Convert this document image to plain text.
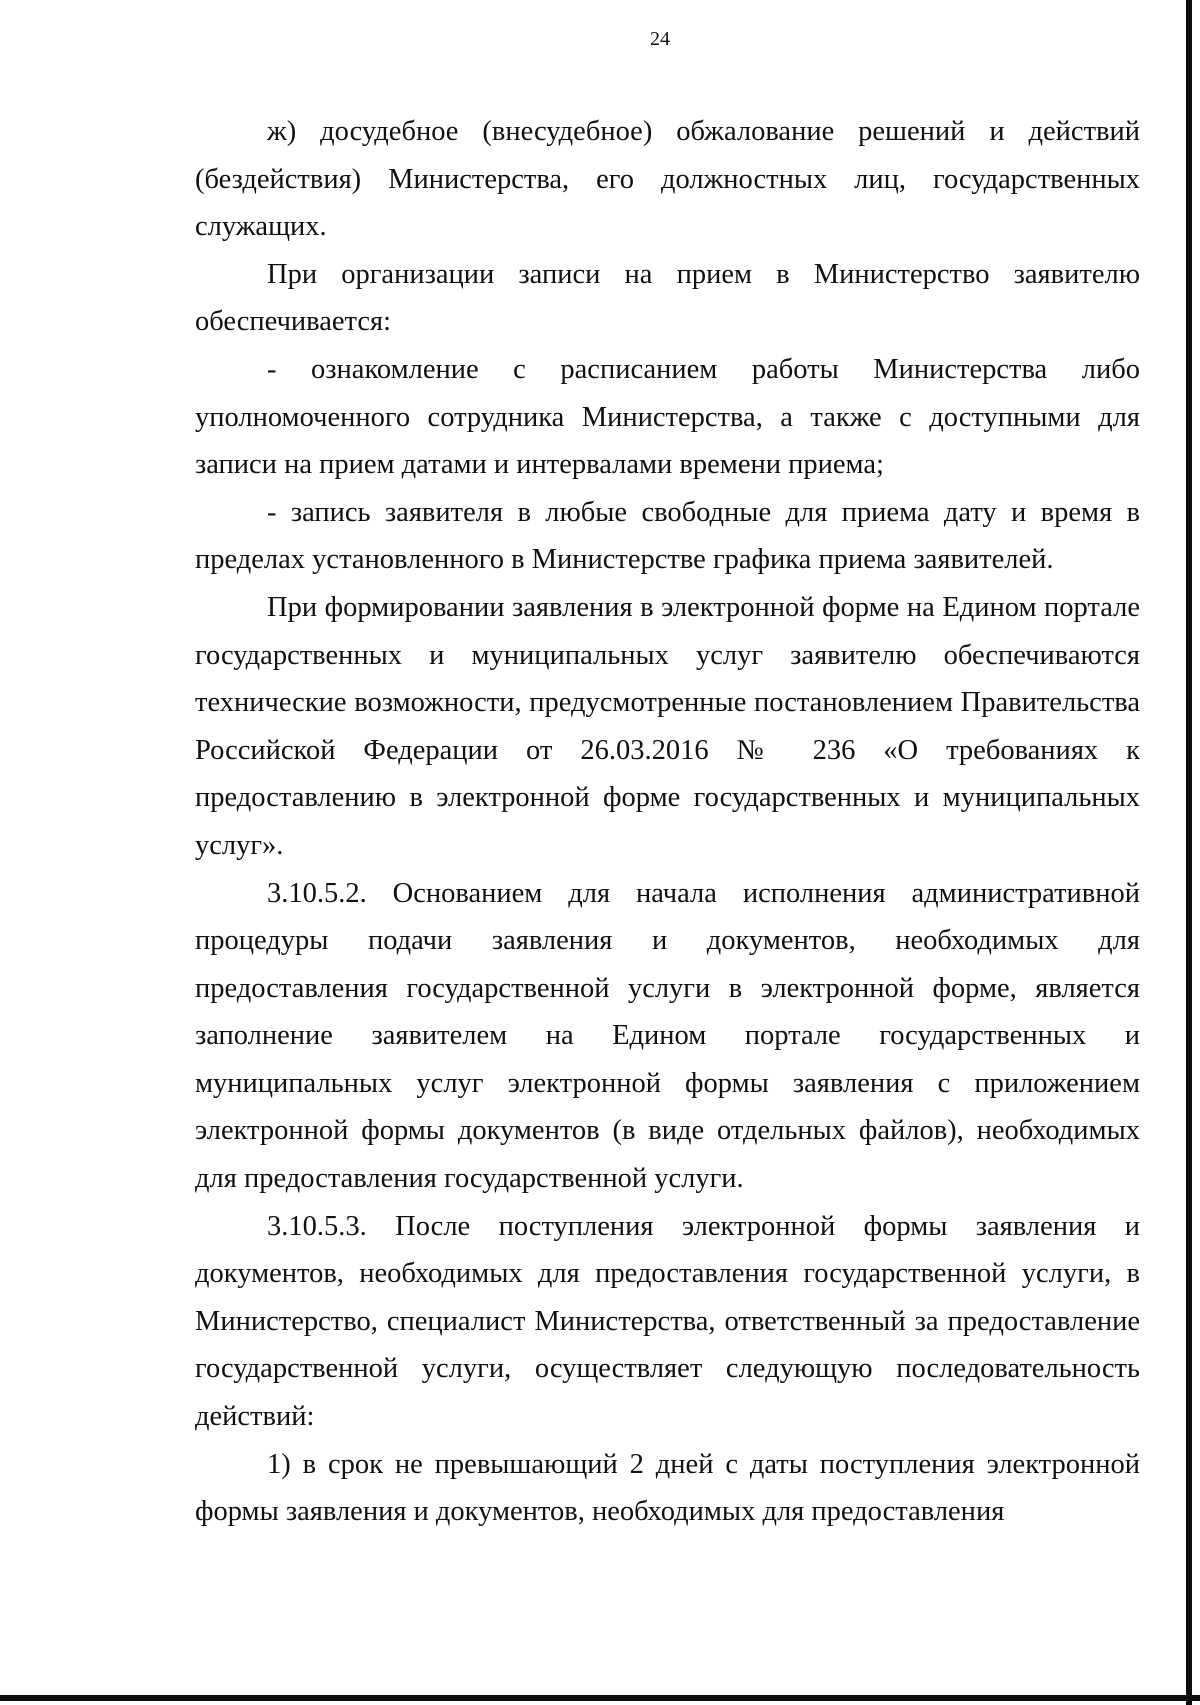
24

ж) досудебное (внесудебное) обжалование решений и действий (бездействия) Министерства, его должностных лиц, государственных служащих.

При организации записи на прием в Министерство заявителю обеспечивается:

- ознакомление с расписанием работы Министерства либо уполномоченного сотрудника Министерства, а также с доступными для записи на прием датами и интервалами времени приема;

- запись заявителя в любые свободные для приема дату и время в пределах установленного в Министерстве графика приема заявителей.

При формировании заявления в электронной форме на Едином портале государственных и муниципальных услуг заявителю обеспечиваются технические возможности, предусмотренные постановлением Правительства Российской Федерации от 26.03.2016 № 236 «О требованиях к предоставлению в электронной форме государственных и муниципальных услуг».

3.10.5.2. Основанием для начала исполнения административной процедуры подачи заявления и документов, необходимых для предоставления государственной услуги в электронной форме, является заполнение заявителем на Едином портале государственных и муниципальных услуг электронной формы заявления с приложением электронной формы документов (в виде отдельных файлов), необходимых для предоставления государственной услуги.

3.10.5.3. После поступления электронной формы заявления и документов, необходимых для предоставления государственной услуги, в Министерство, специалист Министерства, ответственный за предоставление государственной услуги, осуществляет следующую последовательность действий:

1) в срок не превышающий 2 дней с даты поступления электронной формы заявления и документов, необходимых для предоставления
